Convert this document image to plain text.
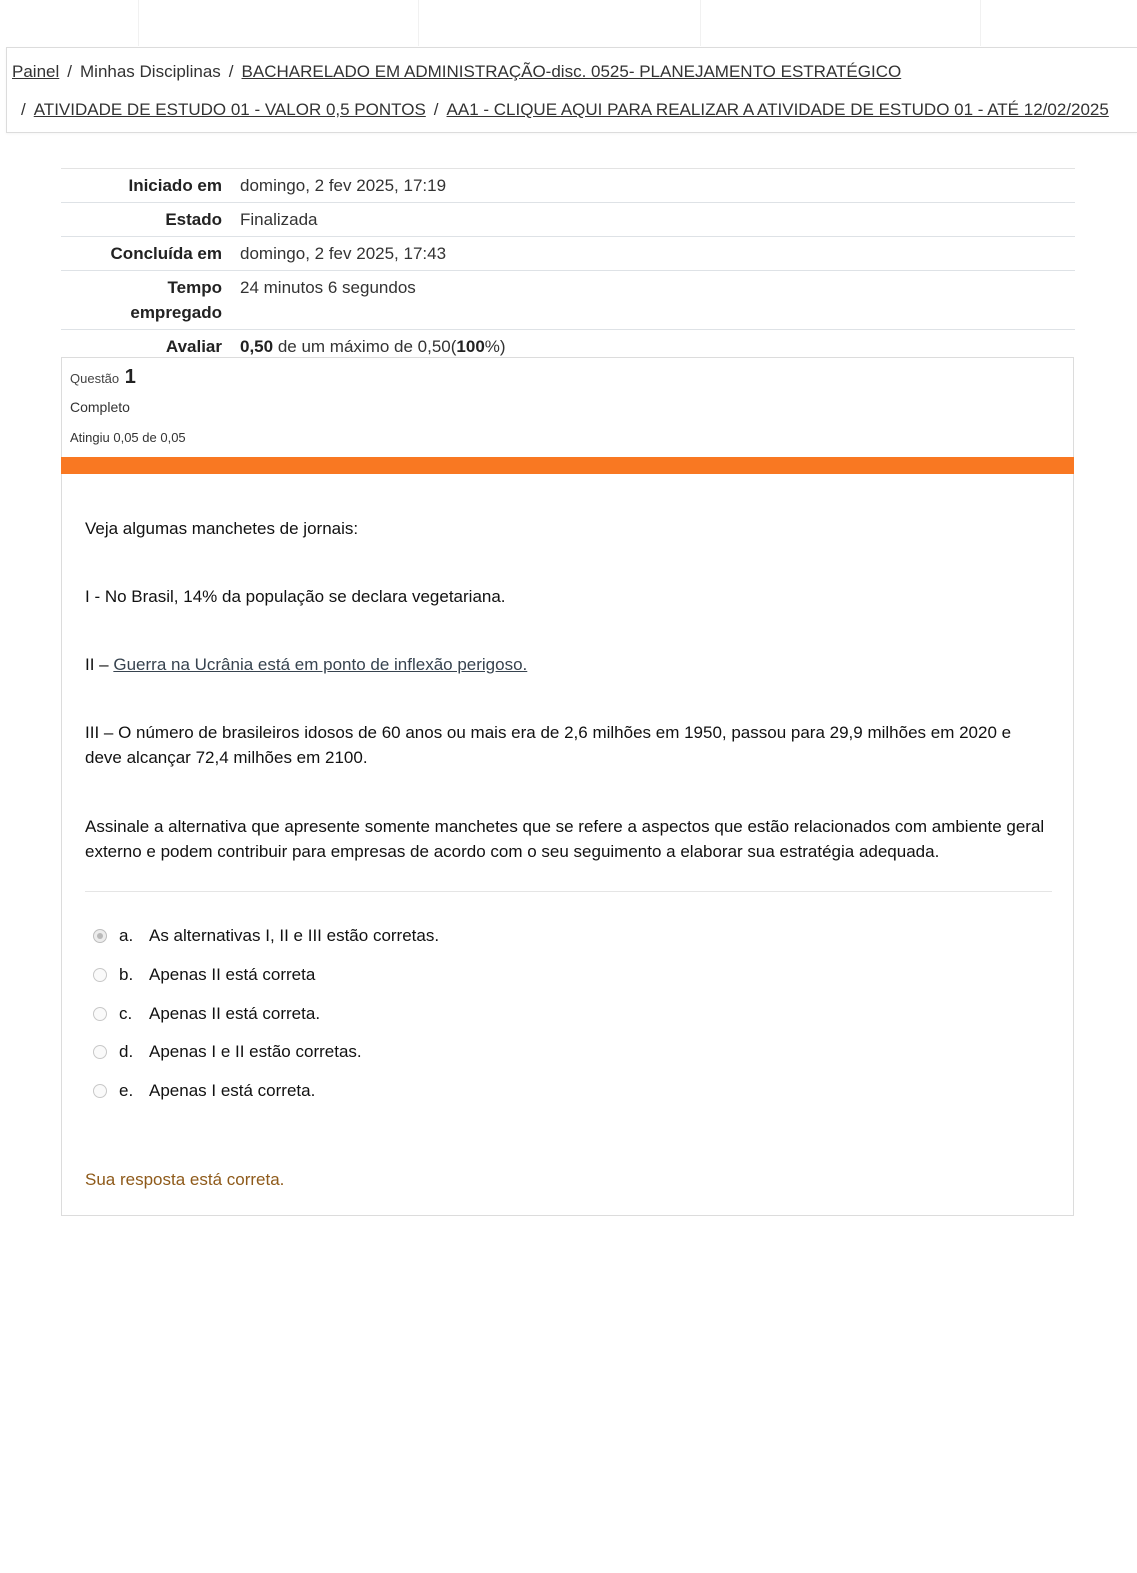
Painel / Minhas Disciplinas / BACHARELADO EM ADMINISTRAÇÃO-disc. 0525- PLANEJAMENTO ESTRATÉGICO
/ ATIVIDADE DE ESTUDO 01 - VALOR 0,5 PONTOS / AA1 - CLIQUE AQUI PARA REALIZAR A ATIVIDADE DE ESTUDO 01 - ATÉ 12/02/2025
Iniciado em	domingo, 2 fev 2025, 17:19
Estado	Finalizada
Concluída em	domingo, 2 fev 2025, 17:43
Tempo
empregado	24 minutos 6 segundos
Avaliar	0,50 de um máximo de 0,50(100%)
Questão 1
Completo
Atingiu 0,05 de 0,05
Veja algumas manchetes de jornais:
I - No Brasil, 14% da população se declara vegetariana.
II – Guerra na Ucrânia está em ponto de inflexão perigoso.
III – O número de brasileiros idosos de 60 anos ou mais era de 2,6 milhões em 1950, passou para 29,9 milhões em 2020 e deve alcançar 72,4 milhões em 2100.
Assinale a alternativa que apresente somente manchetes que se refere a aspectos que estão relacionados com ambiente geral externo e podem contribuir para empresas de acordo com o seu seguimento a elaborar sua estratégia adequada.
a. As alternativas I, II e III estão corretas.
b. Apenas II está correta
c. Apenas II está correta.
d. Apenas I e II estão corretas.
e. Apenas I está correta.
Sua resposta está correta.
